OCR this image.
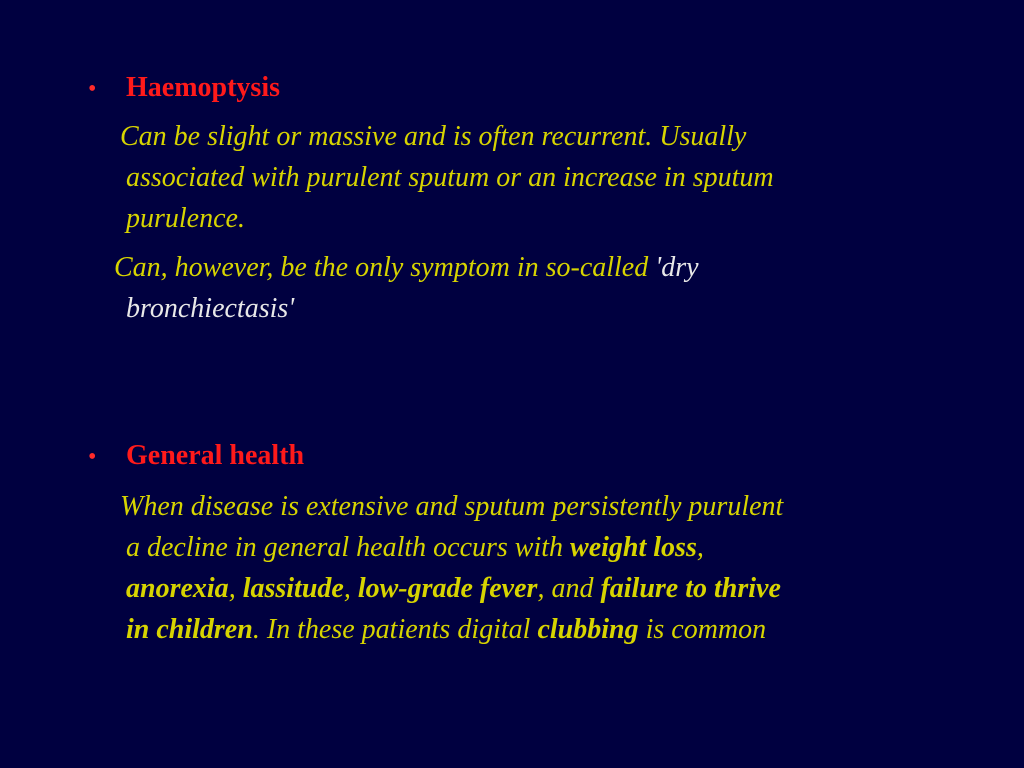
•	Haemoptysis
Can be slight or massive and is often recurrent. Usually
associated with purulent sputum or an increase in sputum
purulence.
Can, however, be the only symptom in so-called 'dry
bronchiectasis'
•	General health
When disease is extensive and sputum persistently purulent
a decline in general health occurs with weight loss,
anorexia, lassitude, low-grade fever, and failure to thrive
in children. In these patients digital clubbing is common
